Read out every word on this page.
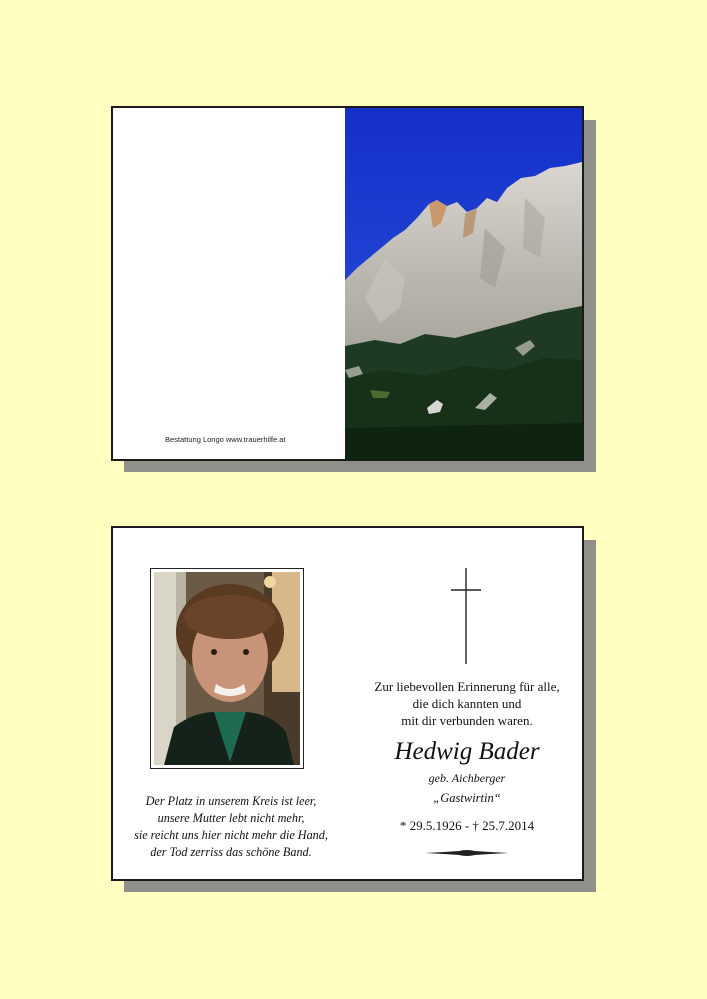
Bestattung Longo www.trauerhilfe.at
Der Platz in unserem Kreis ist leer,
unsere Mutter lebt nicht mehr,
sie reicht uns hier nicht mehr die Hand,
der Tod zerriss das schöne Band.
Zur liebevollen Erinnerung für alle,
die dich kannten und
mit dir verbunden waren.
Hedwig Bader
geb. Aichberger
„Gastwirtin“
* 29.5.1926 - † 25.7.2014
